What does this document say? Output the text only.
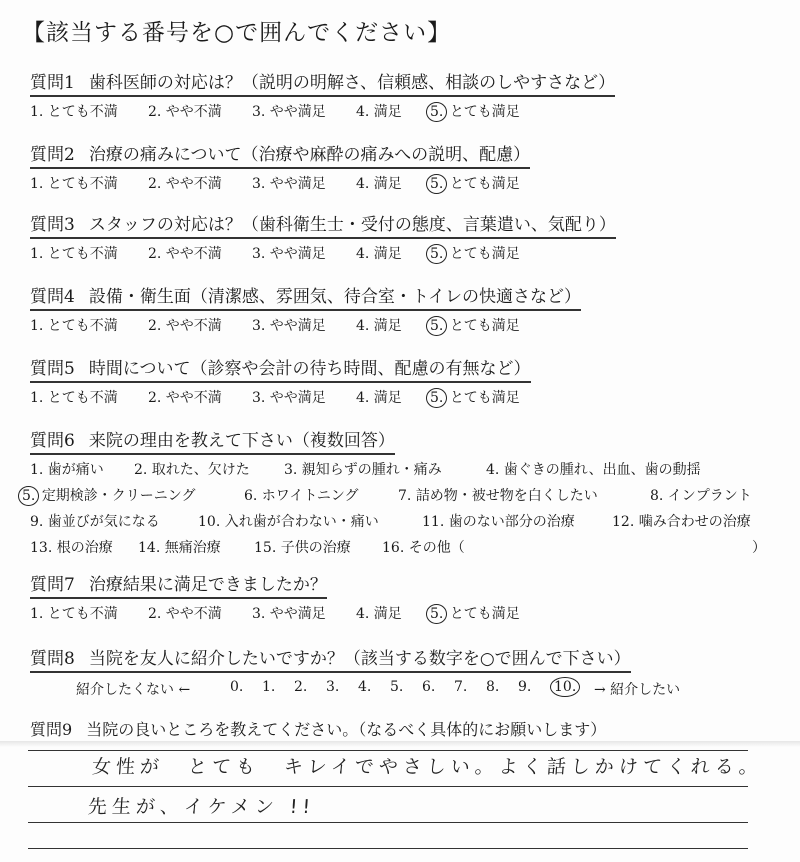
【該当する番号を○で囲んでください】
質問1 歯科医師の対応は？（説明の明解さ、信頼感、相談のしやすさなど）
1. とても不満 2. やや不満 3. やや満足 4. 満足 5. とても満足
質問2 治療の痛みについて（治療や麻酔の痛みへの説明、配慮）
1. とても不満 2. やや不満 3. やや満足 4. 満足 5. とても満足
質問3 スタッフの対応は？（歯科衛生士・受付の態度、言葉遣い、気配り）
1. とても不満 2. やや不満 3. やや満足 4. 満足 5. とても満足
質問4 設備・衛生面（清潔感、雰囲気、待合室・トイレの快適さなど）
1. とても不満 2. やや不満 3. やや満足 4. 満足 5. とても満足
質問5 時間について（診察や会計の待ち時間、配慮の有無など）
1. とても不満 2. やや不満 3. やや満足 4. 満足 5. とても満足
質問6 来院の理由を教えて下さい（複数回答）
1. 歯が痛い 2. 取れた、欠けた 3. 親知らずの腫れ・痛み	4. 歯ぐきの腫れ、出血、歯の動揺
5. 定期検診・クリーニング	6. ホワイトニング	7. 詰め物・被せ物を白くしたい	8. インプラント
9. 歯並びが気になる	10. 入れ歯が合わない・痛い	11. 歯のない部分の治療	12. 噛み合わせの治療
13. 根の治療 14. 無痛治療 15. 子供の治療 16. その他（	）
質問7 治療結果に満足できましたか？
1. とても不満 2. やや不満 3. やや満足 4. 満足 5. とても満足
質問8 当院を友人に紹介したいですか？（該当する数字を○で囲んで下さい）
紹介したくない ←	0. 1. 2. 3. 4. 5. 6. 7. 8. 9. 10. → 紹介したい
質問9 当院の良いところを教えてください。（なるべく具体的にお願いします）
女性が　とても　キレイでやさしい。よく話しかけてくれる。
先生が、イケメン !!
